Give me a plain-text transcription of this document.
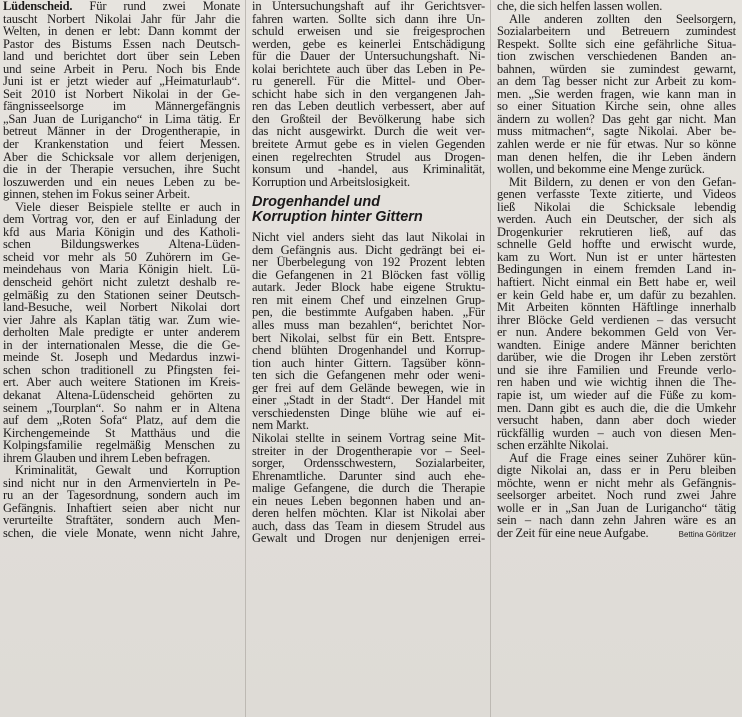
Lüdenscheid. Für rund zwei Monate
tauscht Norbert Nikolai Jahr für Jahr die
Welten, in denen er lebt: Dann kommt der
Pastor des Bistums Essen nach Deutsch-
land und berichtet dort über sein Leben
und seine Arbeit in Peru. Noch bis Ende
Juni ist er jetzt wieder auf „Heimaturlaub“.
Seit 2010 ist Norbert Nikolai in der Ge-
fängnisseelsorge im Männergefängnis
„San Juan de Lurigancho“ in Lima tätig. Er
betreut Männer in der Drogentherapie, in
der Krankenstation und feiert Messen.
Aber die Schicksale vor allem derjenigen,
die in der Therapie versuchen, ihre Sucht
loszuwerden und ein neues Leben zu be-
ginnen, stehen im Fokus seiner Arbeit.
Viele dieser Beispiele stellte er auch in
dem Vortrag vor, den er auf Einladung der
kfd aus Maria Königin und des Katholi-
schen Bildungswerkes Altena-Lüden-
scheid vor mehr als 50 Zuhörern im Ge-
meindehaus von Maria Königin hielt. Lü-
denscheid gehört nicht zuletzt deshalb re-
gelmäßig zu den Stationen seiner Deutsch-
land-Besuche, weil Norbert Nikolai dort
vier Jahre als Kaplan tätig war. Zum wie-
derholten Male predigte er unter anderem
in der internationalen Messe, die die Ge-
meinde St. Joseph und Medardus inzwi-
schen schon traditionell zu Pfingsten fei-
ert. Aber auch weitere Stationen im Kreis-
dekanat Altena-Lüdenscheid gehörten zu
seinem „Tourplan“. So nahm er in Altena
auf dem „Roten Sofa“ Platz, auf dem die
Kirchengemeinde St Matthäus und die
Kolpingsfamilie regelmäßig Menschen zu
ihrem Glauben und ihrem Leben befragen.
Kriminalität, Gewalt und Korruption
sind nicht nur in den Armenvierteln in Pe-
ru an der Tagesordnung, sondern auch im
Gefängnis. Inhaftiert seien aber nicht nur
verurteilte Straftäter, sondern auch Men-
schen, die viele Monate, wenn nicht Jahre,
in Untersuchungshaft auf ihr Gerichtsver-
fahren warten. Sollte sich dann ihre Un-
schuld erweisen und sie freigesprochen
werden, gebe es keinerlei Entschädigung
für die Dauer der Untersuchungshaft. Ni-
kolai berichtete auch über das Leben in Pe-
ru generell. Für die Mittel- und Ober-
schicht habe sich in den vergangenen Jah-
ren das Leben deutlich verbessert, aber auf
den Großteil der Bevölkerung habe sich
das nicht ausgewirkt. Durch die weit ver-
breitete Armut gebe es in vielen Gegenden
einen regelrechten Strudel aus Drogen-
konsum und -handel, aus Kriminalität,
Korruption und Arbeitslosigkeit.
Drogenhandel und
Korruption hinter Gittern
Nicht viel anders sieht das laut Nikolai in
dem Gefängnis aus. Dicht gedrängt bei ei-
ner Überbelegung von 192 Prozent lebten
die Gefangenen in 21 Blöcken fast völlig
autark. Jeder Block habe eigene Struktu-
ren mit einem Chef und einzelnen Grup-
pen, die bestimmte Aufgaben haben. „Für
alles muss man bezahlen“, berichtet Nor-
bert Nikolai, selbst für ein Bett. Entspre-
chend blühten Drogenhandel und Korrup-
tion auch hinter Gittern. Tagsüber könn-
ten sich die Gefangenen mehr oder weni-
ger frei auf dem Gelände bewegen, wie in
einer „Stadt in der Stadt“. Der Handel mit
verschiedensten Dinge blühe wie auf ei-
nem Markt.
Nikolai stellte in seinem Vortrag seine Mit-
streiter in der Drogentherapie vor – Seel-
sorger, Ordensschwestern, Sozialarbeiter,
Ehrenamtliche. Darunter sind auch ehe-
malige Gefangene, die durch die Therapie
ein neues Leben begonnen haben und an-
deren helfen möchten. Klar ist Nikolai aber
auch, dass das Team in diesem Strudel aus
Gewalt und Drogen nur denjenigen errei-
che, die sich helfen lassen wollen.
Alle anderen zollten den Seelsorgern,
Sozialarbeitern und Betreuern zumindest
Respekt. Sollte sich eine gefährliche Situa-
tion zwischen verschiedenen Banden an-
bahnen, würden sie zumindest gewarnt,
an dem Tag besser nicht zur Arbeit zu kom-
men. „Sie werden fragen, wie kann man in
so einer Situation Kirche sein, ohne alles
ändern zu wollen? Das geht gar nicht. Man
muss mitmachen“, sagte Nikolai. Aber be-
zahlen werde er nie für etwas. Nur so könne
man denen helfen, die ihr Leben ändern
wollen, und bekomme eine Menge zurück.
Mit Bildern, zu denen er von den Gefan-
genen verfasste Texte zitierte, und Videos
ließ Nikolai die Schicksale lebendig
werden. Auch ein Deutscher, der sich als
Drogenkurier rekrutieren ließ, auf das
schnelle Geld hoffte und erwischt wurde,
kam zu Wort. Nun ist er unter härtesten
Bedingungen in einem fremden Land in-
haftiert. Nicht einmal ein Bett habe er, weil
er kein Geld habe er, um dafür zu bezahlen.
Mit Arbeiten könnten Häftlinge innerhalb
ihrer Blöcke Geld verdienen – das versucht
er nun. Andere bekommen Geld von Ver-
wandten. Einige andere Männer berichten
darüber, wie die Drogen ihr Leben zerstört
und sie ihre Familien und Freunde verlo-
ren haben und wie wichtig ihnen die The-
rapie ist, um wieder auf die Füße zu kom-
men. Dann gibt es auch die, die die Umkehr
versucht haben, dann aber doch wieder
rückfällig wurden – auch von diesen Men-
schen erzählte Nikolai.
Auf die Frage eines seiner Zuhörer kün-
digte Nikolai an, dass er in Peru bleiben
möchte, wenn er nicht mehr als Gefängnis-
seelsorger arbeitet. Noch rund zwei Jahre
wolle er in „San Juan de Lurigancho“ tätig
sein – nach dann zehn Jahren wäre es an
der Zeit für eine neue Aufgabe.	Bettina Görlitzer
